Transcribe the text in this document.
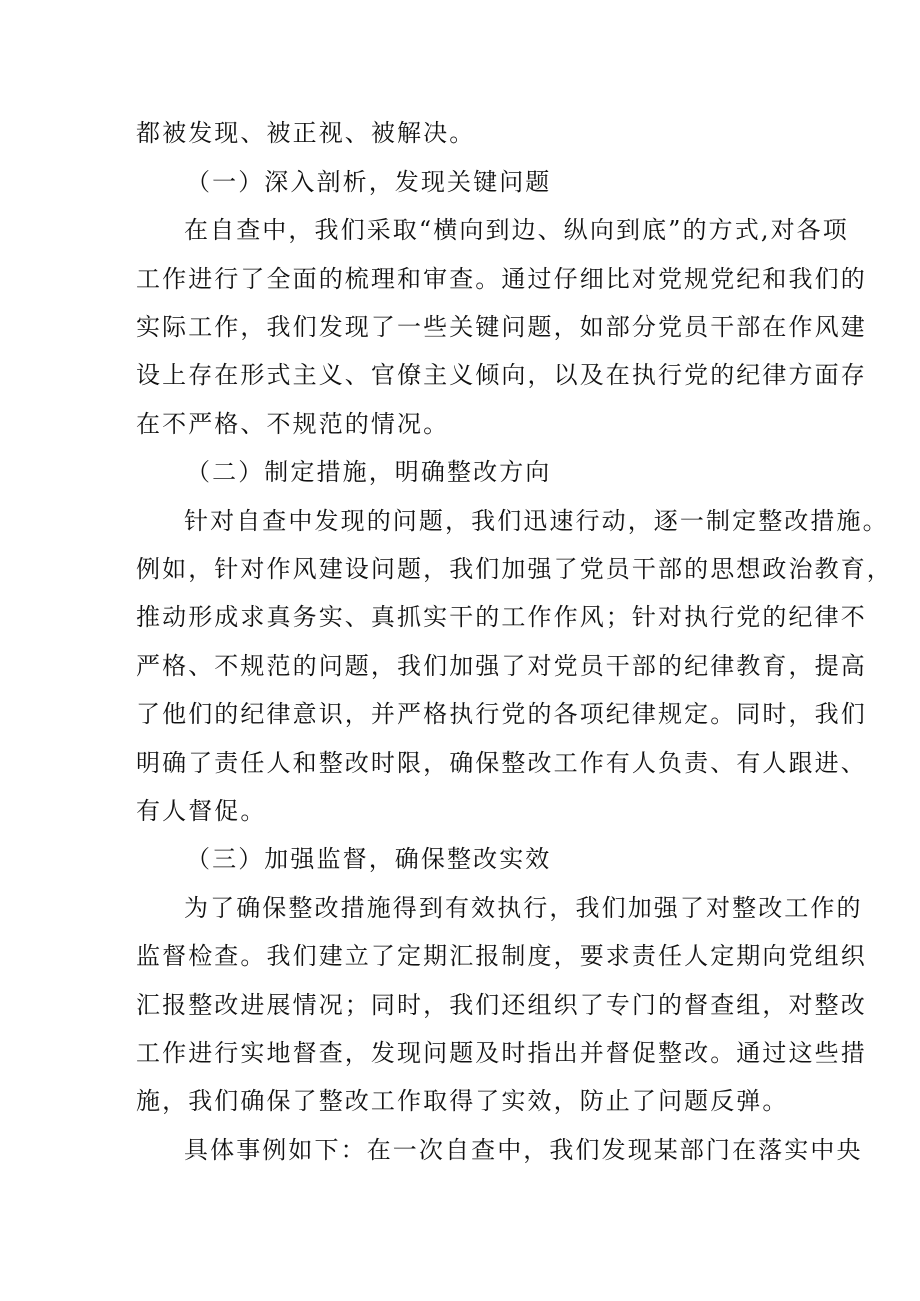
都被发现、被正视、被解决。
（一）深入剖析，发现关键问题
在自查中，我们采取“横向到边、纵向到底”的方式,对各项
工作进行了全面的梳理和审查。通过仔细比对党规党纪和我们的
实际工作，我们发现了一些关键问题，如部分党员干部在作风建
设上存在形式主义、官僚主义倾向，以及在执行党的纪律方面存
在不严格、不规范的情况。
（二）制定措施，明确整改方向
针对自查中发现的问题，我们迅速行动，逐一制定整改措施。
例如，针对作风建设问题，我们加强了党员干部的思想政治教育，
推动形成求真务实、真抓实干的工作作风；针对执行党的纪律不
严格、不规范的问题，我们加强了对党员干部的纪律教育，提高
了他们的纪律意识，并严格执行党的各项纪律规定。同时，我们
明确了责任人和整改时限，确保整改工作有人负责、有人跟进、
有人督促。
（三）加强监督，确保整改实效
为了确保整改措施得到有效执行，我们加强了对整改工作的
监督检查。我们建立了定期汇报制度，要求责任人定期向党组织
汇报整改进展情况；同时，我们还组织了专门的督查组，对整改
工作进行实地督查，发现问题及时指出并督促整改。通过这些措
施，我们确保了整改工作取得了实效，防止了问题反弹。
具体事例如下：在一次自查中，我们发现某部门在落实中央
